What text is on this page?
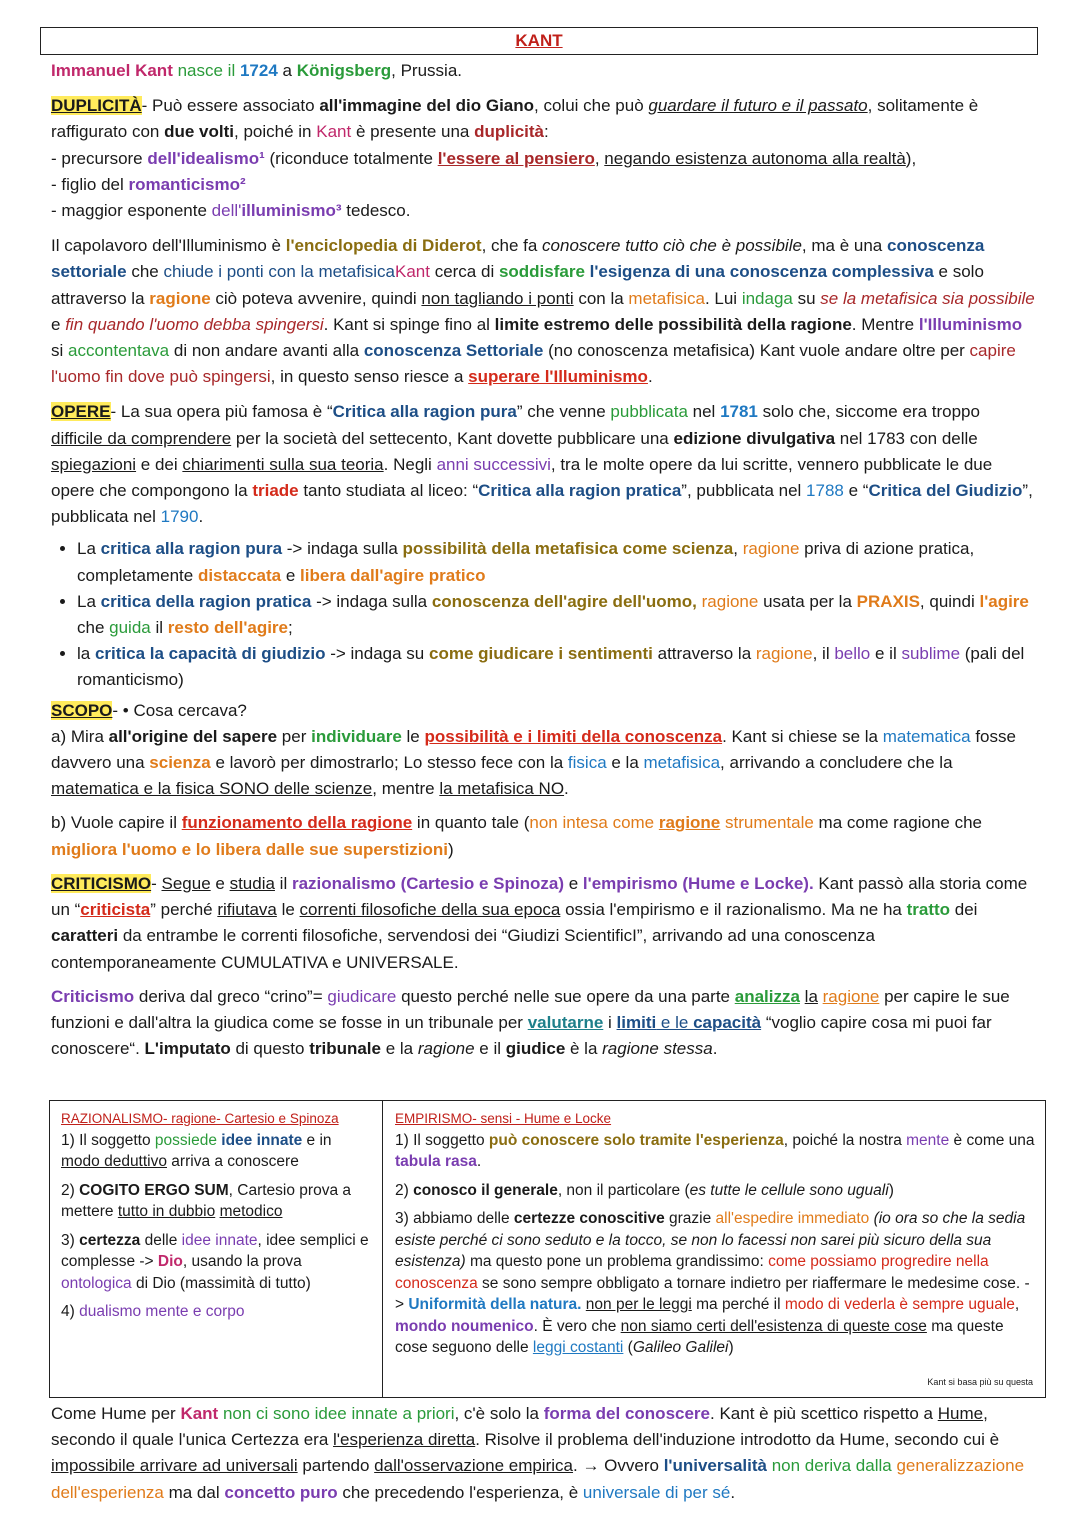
KANT

Immanuel Kant nasce il 1724 a Königsberg, Prussia.

DUPLICITÀ- Può essere associato all'immagine del dio Giano, colui che può guardare il futuro e il passato, solitamente è raffigurato con due volti, poiché in Kant è presente una duplicità:
- precursore dell'idealismo¹ (riconduce totalmente l'essere al pensiero, negando esistenza autonoma alla realtà),
- figlio del romanticismo²
- maggior esponente dell'illuminismo³ tedesco.

Il capolavoro dell'Illuminismo è l'enciclopedia di Diderot, che fa conoscere tutto ciò che è possibile, ma è una conoscenza settoriale che chiude i ponti con la metafisicaKant cerca di soddisfare l'esigenza di una conoscenza complessiva e solo attraverso la ragione ciò poteva avvenire, quindi non tagliando i ponti con la metafisica. Lui indaga su se la metafisica sia possibile e fin quando l'uomo debba spingersi. Kant si spinge fino al limite estremo delle possibilità della ragione. Mentre l'Illuminismo si accontentava di non andare avanti alla conoscenza Settoriale (no conoscenza metafisica) Kant vuole andare oltre per capire l'uomo fin dove può spingersi, in questo senso riesce a superare l'Illuminismo.

OPERE- La sua opera più famosa è “Critica alla ragion pura” che venne pubblicata nel 1781 solo che, siccome era troppo difficile da comprendere per la società del settecento, Kant dovette pubblicare una edizione divulgativa nel 1783 con delle spiegazioni e dei chiarimenti sulla sua teoria. Negli anni successivi, tra le molte opere da lui scritte, vennero pubblicate le due opere che compongono la triade tanto studiata al liceo: “Critica alla ragion pratica”, pubblicata nel 1788 e “Critica del Giudizio”, pubblicata nel 1790.

• La critica alla ragion pura -> indaga sulla possibilità della metafisica come scienza, ragione priva di azione pratica, completamente distaccata e libera dall'agire pratico
• La critica della ragion pratica -> indaga sulla conoscenza dell'agire dell'uomo, ragione usata per la PRAXIS, quindi l'agire che guida il resto dell'agire;
• la critica la capacità di giudizio -> indaga su come giudicare i sentimenti attraverso la ragione, il bello e il sublime (pali del romanticismo)

SCOPO- • Cosa cercava?
a) Mira all'origine del sapere per individuare le possibilità e i limiti della conoscenza. Kant si chiese se la matematica fosse davvero una scienza e lavorò per dimostrarlo; Lo stesso fece con la fisica e la metafisica, arrivando a concludere che la matematica e la fisica SONO delle scienze, mentre la metafisica NO.

b) Vuole capire il funzionamento della ragione in quanto tale (non intesa come ragione strumentale ma come ragione che migliora l'uomo e lo libera dalle sue superstizioni)

CRITICISMO- Segue e studia il razionalismo (Cartesio e Spinoza) e l'empirismo (Hume e Locke). Kant passò alla storia come un “criticista” perché rifiutava le correnti filosofiche della sua epoca ossia l'empirismo e il razionalismo. Ma ne ha tratto dei caratteri da entrambe le correnti filosofiche, servendosi dei “Giudizi ScientificI”, arrivando ad una conoscenza contemporaneamente CUMULATIVA e UNIVERSALE.

Criticismo deriva dal greco “crino”= giudicare questo perché nelle sue opere da una parte analizza la ragione per capire le sue funzioni e dall'altra la giudica come se fosse in un tribunale per valutarne i limiti e le capacità “voglio capire cosa mi puoi far conoscere“. L'imputato di questo tribunale e la ragione e il giudice è la ragione stessa.

RAZIONALISMO- ragione- Cartesio e Spinoza

1) Il soggetto possiede idee innate e in modo deduttivo arriva a conoscere

2) COGITO ERGO SUM, Cartesio prova a mettere tutto in dubbio metodico

3) certezza delle idee innate, idee semplici e complesse -> Dio, usando la prova ontologica di Dio (massimità di tutto)

4) dualismo mente e corpo

EMPIRISMO- sensi - Hume e Locke

1) Il soggetto può conoscere solo tramite l'esperienza, poiché la nostra mente è come una tabula rasa.

2) conosco il generale, non il particolare (es tutte le cellule sono uguali)

3) abbiamo delle certezze conoscitive grazie all'espedire immediato (io ora so che la sedia esiste perché ci sono seduto e la tocco, se non lo facessi non sarei più sicuro della sua esistenza) ma questo pone un problema grandissimo: come possiamo progredire nella conoscenza se sono sempre obbligato a tornare indietro per riaffermare le medesime cose. -> Uniformità della natura. non per le leggi ma perché il modo di vederla è sempre uguale, mondo noumenico. È vero che non siamo certi dell'esistenza di queste cose ma queste cose seguono delle leggi costanti (Galileo Galilei)

Kant si basa più su questa
Come Hume per Kant non ci sono idee innate a priori, c'è solo la forma del conoscere. Kant è più scettico rispetto a Hume, secondo il quale l'unica Certezza era l'esperienza diretta. Risolve il problema dell'induzione introdotto da Hume, secondo cui è impossibile arrivare ad universali partendo dall'osservazione empirica. → Ovvero l'universalità non deriva dalla generalizzazione dell'esperienza ma dal concetto puro che precedendo l'esperienza, è universale di per sé.
